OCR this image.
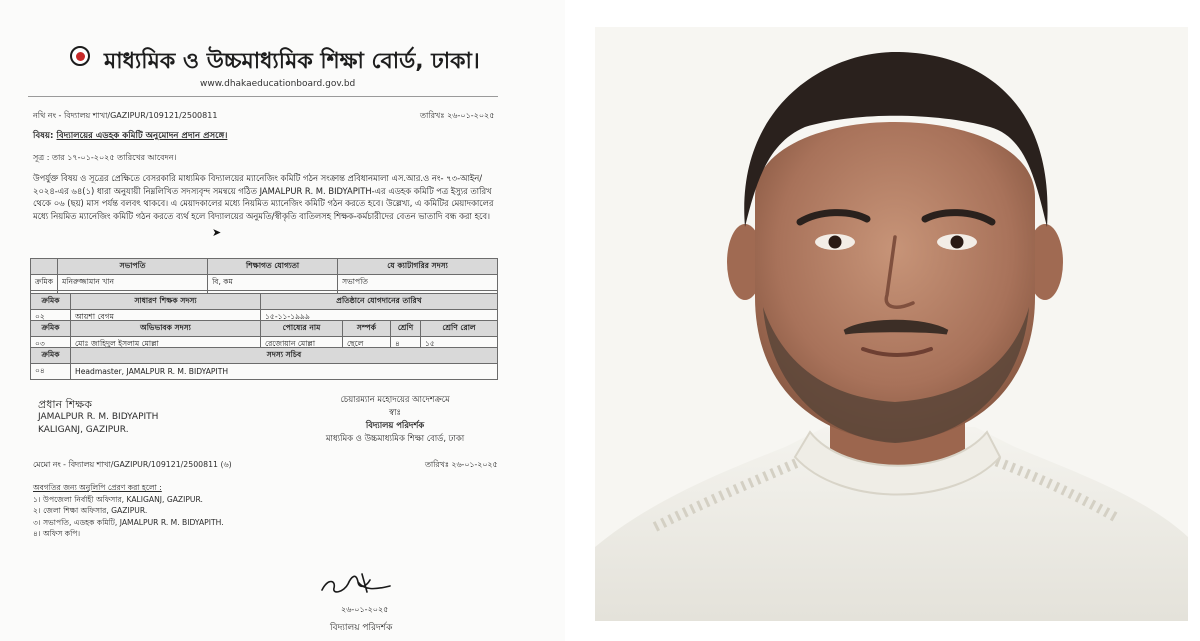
মাধ্যমিক ও উচ্চমাধ্যমিক শিক্ষা বোর্ড, ঢাকা।
www.dhakaeducationboard.gov.bd
নথি নং - বিদ্যালয় শাখা/GAZIPUR/109121/2500811	তারিখঃ ২৬-০১-২০২৫
বিষয়: বিদ্যালয়ের এডহক কমিটি অনুমোদন প্রদান প্রসঙ্গে।
সূত্র : তার ১৭-০১-২০২৫ তারিখের আবেদন।
উপর্যুক্ত বিষয় ও সূত্রের প্রেক্ষিতে বেসরকারি মাধ্যমিক বিদ্যালয়ের ম্যানেজিং কমিটি গঠন সংক্রান্ত প্রবিধানমালা এস.আর.ও নং- ৭৩-আইন/২০২৪-এর ৬৪(১) ধারা অনুযায়ী নিম্নলিখিত সদস্যবৃন্দ সমন্বয়ে গঠিত JAMALPUR R. M. BIDYAPITH-এর এডহক কমিটি পত্র ইস্যুর তারিখ থেকে ০৬ (ছয়) মাস পর্যন্ত বলবৎ থাকবে। এ মেয়াদকালের মধ্যে নিয়মিত ম্যানেজিং কমিটি গঠন করতে হবে। উল্লেখ্য, এ কমিটির মেয়াদকালের মধ্যে নিয়মিত ম্যানেজিং কমিটি গঠন করতে ব্যর্থ হলে বিদ্যালয়ের অনুমতি/স্বীকৃতি বাতিলসহ শিক্ষক-কর্মচারীদের বেতন ভাতাদি বন্ধ করা হবে।
➤
	সভাপতি	শিক্ষাগত যোগ্যতা	যে ক্যাটাগরির সদস্য
ক্রমিক	মনিরুজ্জামান খান	বি, কম	সভাপতি

ক্রমিক	সাধারণ শিক্ষক সদস্য	প্রতিষ্ঠানে যোগদানের তারিখ
০২	আয়শা বেগম	১৫-১১-১৯৯৯
ক্রমিক	অভিভাবক সদস্য	পোষ্যের নাম	সম্পর্ক	শ্রেণি	শ্রেণি রোল
০৩	মোঃ জাহিদুল ইসলাম মোল্লা	রেজোয়ান মোল্লা	ছেলে	৪	১৫
ক্রমিক	সদস্য সচিব
০৪	Headmaster, JAMALPUR R. M. BIDYAPITH
প্রধান শিক্ষক
JAMALPUR R. M. BIDYAPITH
KALIGANJ, GAZIPUR.
চেয়ারম্যান মহোদয়ের আদেশক্রমে
স্বাঃ
বিদ্যালয় পরিদর্শক
মাধ্যমিক ও উচ্চমাধ্যমিক শিক্ষা বোর্ড, ঢাকা
মেমো নং - বিদ্যালয় শাখা/GAZIPUR/109121/2500811 (৬)	তারিখঃ ২৬-০১-২০২৫
অবগতির জন্য অনুলিপি প্রেরণ করা হলো :
১। উপজেলা নির্বাহী অফিসার, KALIGANJ, GAZIPUR.
২। জেলা শিক্ষা অফিসার, GAZIPUR.
৩। সভাপতি, এডহক কমিটি, JAMALPUR R. M. BIDYAPITH.
৪। অফিস কপি।
২৬-০১-২০২৫
বিদ্যালয় পরিদর্শক
